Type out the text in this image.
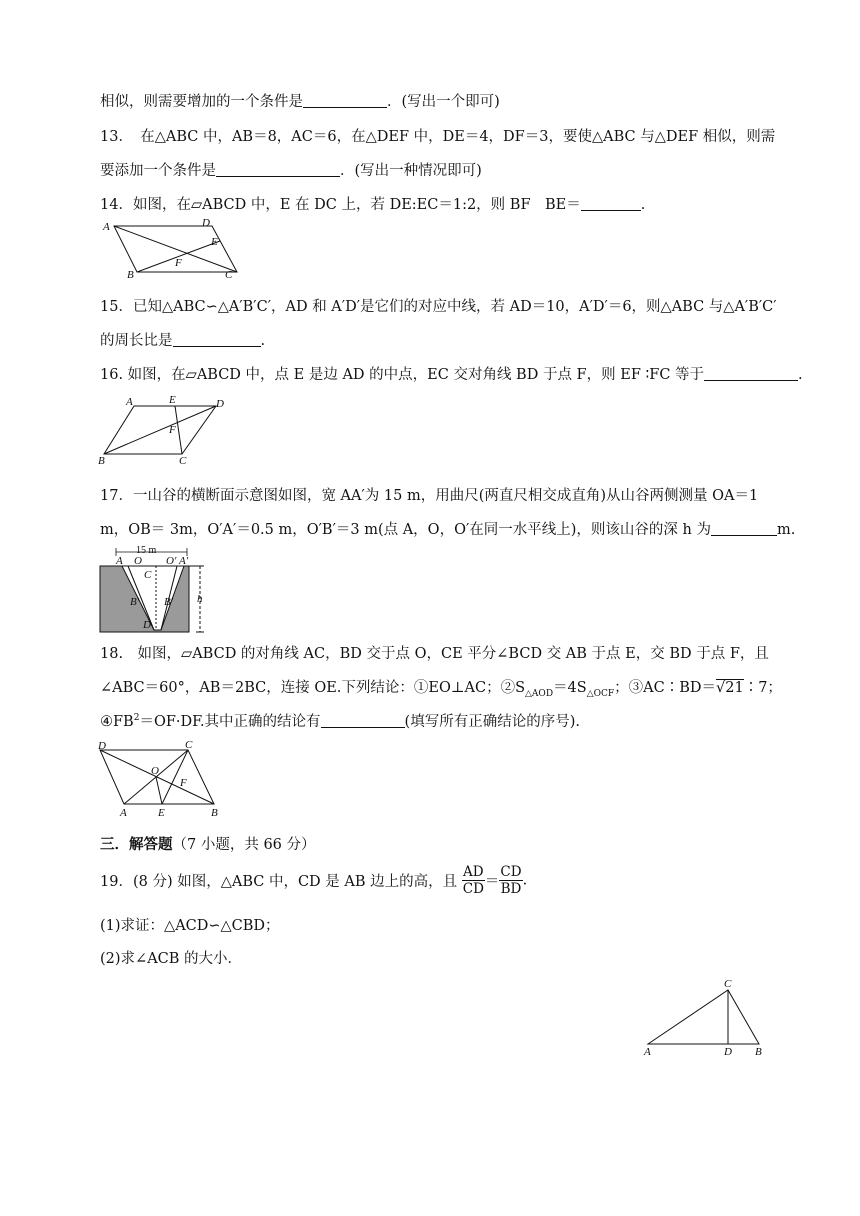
相似，则需要增加的一个条件是	．(写出一个即可)
13．　在△ABC 中，AB＝8，AC＝6，在△DEF 中，DE＝4，DF＝3，要使△ABC 与△DEF 相似，则需
要添加一个条件是	．(写出一种情况即可)
14．如图，在▱ABCD 中，E 在 DC 上，若 DE:EC＝1:2，则 BF　BE＝	.
A	D
E
F
B	C
15．已知△ABC∽△A′B′C′，AD 和 A′D′是它们的对应中线，若 AD＝10，A′D′＝6，则△ABC 与△A′B′C′
的周长比是	.
16. 如图，在▱ABCD 中，点 E 是边 AD 的中点，EC 交对角线 BD 于点 F，则 EF ∶FC 等于	.
A	E	D
F
B	C
17．一山谷的横断面示意图如图，宽 AA′为 15 m，用曲尺(两直尺相交成直角)从山谷两侧测量 OA＝1
m，OB＝ 3m，O′A′＝0.5 m，O′B′＝3 m(点 A，O，O′在同一水平线上)，则该山谷的深 h 为	m.
15 m
A O
C
O′ A′
B′ B′
D
h
18.　如图，▱ABCD 的对角线 AC，BD 交于点 O，CE 平分∠BCD 交 AB 于点 E，交 BD 于点 F，且
∠ABC＝60°，AB＝2BC，连接 OE.下列结论：①EO⊥AC；$②S_{\triangle AOD}=4S_{\triangle OCF}$；③AC∶BD＝√21∶7；
$④FB^2=OF\cdot DF$.其中正确的结论有	(填写所有正确结论的序号).
D	C
O
F
A	E	B
三．解答题（7 小题，共 66 分）
19．(8 分) 如图，△ABC 中，CD 是 AB 边上的高，且 $\frac{AD}{CD} = \frac{CD}{BD}$ .
(1)求证：△ACD∽△CBD；
(2)求∠ACB 的大小．
C
A	D B
